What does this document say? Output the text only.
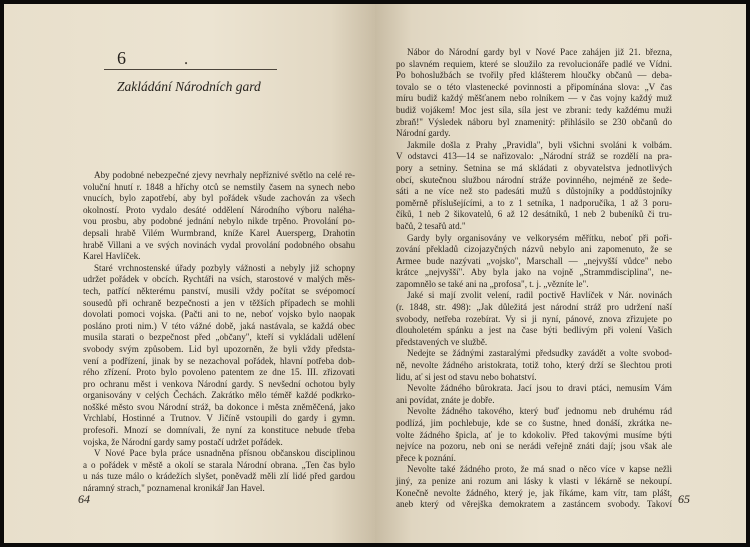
6	•
Zakládání Národních gard
Aby podobné nebezpečné zjevy nevrhaly nepříznivé světlo na celé re-
voluční hnutí r. 1848 a hříchy otců se nemstily časem na synech nebo
vnucích, bylo zapotřebí, aby byl pořádek všude zachován za všech
okolností. Proto vydalo desáté oddělení Národního výboru naléha-
vou prosbu, aby podobné jednání nebylo nikde trpěno. Provolání po-
depsali hrabě Vilém Wurmbrand, kníže Karel Auersperg, Drahotin
hrabě Villani a ve svých novinách vydal provolání podobného obsahu
Karel Havlíček.
Staré vrchnostenské úřady pozbyly vážnosti a nebyly již schopny
udržet pořádek v obcích. Rychtáři na vsích, starostové v malých měs-
tech, patřící některému panství, musili vždy počítat se svépomocí
sousedů při ochraně bezpečnosti a jen v těžších případech se mohli
dovolati pomoci vojska. (Pačti ani to ne, neboť vojsko bylo naopak
posláno proti nim.) V této vážné době, jaká nastávala, se každá obec
musila starati o bezpečnost před „občany", kteří si vykládali udělení
svobody svým způsobem. Lid byl upozorněn, že byli vždy předsta-
vení a podřízení, jinak by se nezachoval pořádek, hlavní potřeba dob-
rého zřízení. Proto bylo povoleno patentem ze dne 15. III. zřizovati
pro ochranu měst i venkova Národní gardy. S nevšední ochotou byly
organisovány v celých Čechách. Zakrátko mělo téměř každé podkrko-
noššké město svou Národní stráž, ba dokonce i města zněměčená, jako
Vrchlabí, Hostinné a Trutnov. V Jičíně vstoupili do gardy i gymn.
profesoři. Mnozí se domnívali, že nyní za konstituce nebude třeba
vojska, že Národní gardy samy postačí udržet pořádek.
V Nové Pace byla práce usnadněna přísnou občanskou disciplinou
a o pořádek v městě a okolí se starala Národní obrana. „Ten čas bylo
u nás tuze málo o krádežích slyšet, poněvadž měli zlí lidé před gardou
náramný strach," poznamenal kronikář Jan Havel.
64
Nábor do Národní gardy byl v Nové Pace zahájen již 21. března,
po slavném requiem, které se sloužilo za revolucionáře padlé ve Vídni.
Po bohoslužbách se tvořily před klášterem hloučky občanů — deba-
tovalo se o této vlastenecké povinnosti a připomínána slova: „V čas
míru budiž každý měšťanem nebo rolníkem — v čas vojny každý muž
budiž vojákem! Moc jest síla, síla jest ve zbrani: tedy každému muži
zbraň!" Výsledek náboru byl znamenitý: přihlásilo se 230 občanů do
Národní gardy.
Jakmile došla z Prahy „Pravidla", byli všichni svoláni k volbám.
V odstavci 413—14 se nařizovalo: „Národní stráž se rozdělí na pra-
pory a setniny. Setnina se má skládati z obyvatelstva jednotlivých
obcí, skutečnou službou národní stráže povinného, nejméně ze šede-
sáti a ne více než sto padesáti mužů s důstojníky a poddůstojníky
poměrně příslušejícími, a to z 1 setníka, 1 nadporučíka, 1 až 3 poru-
číků, 1 neb 2 šikovatelů, 6 až 12 desátníků, 1 neb 2 bubeníků či tru-
bačů, 2 tesařů atd."
Gardy byly organisovány ve velkorysém měřítku, neboť při poři-
zování překladů cizojazyčných názvů nebylo ani zapomenuto, že se
Armee bude nazývati „vojsko", Marschall — „nejvyšší vůdce" nebo
krátce „nejvyšší". Aby byla jako na vojně „Strammdisciplina", ne-
zapomnělo se také ani na „profosa", t. j. „vězníte le".
Jaké si mají zvolit velení, radil poctivě Havlíček v Nár. novinách
(r. 1848, str. 498): „Jak důležitá jest národní stráž pro udržení naší
svobody, netřeba rozebírat. Vy si ji nyní, pánové, znova zřizujete po
dlouholetém spánku a jest na čase býti bedlivým při volení Vašich
představených ve službě.
Nedejte se žádnými zastaralými předsudky zavádět a volte svobod-
ně, nevolte žádného aristokrata, totiž toho, který drží se šlechtou proti
lidu, ať si jest od stavu nebo bohatství.
Nevolte žádného bûrokrata. Jací jsou to dravi ptáci, nemusím Vám
ani povídat, znáte je dobře.
Nevolte žádného takového, který buď jednomu neb druhému rád
podlízá, jim pochlebuje, kde se co šustne, hned donáší, zkrátka ne-
volte žádného špicla, ať je to kdokoliv. Před takovými musíme býti
nejvíce na pozoru, neb oni se nerádi veřejně znáti dají; jsou však ale
přece k poznání.
Nevolte také žádného proto, že má snad o něco více v kapse nežli
jiný, za penize ani rozum ani lásky k vlasti v lékárně se nekoupí.
Konečně nevolte žádného, který je, jak říkáme, kam vítr, tam plášt,
aneb který od věrejška demokratem a zastáncem svobody. Takoví 65
